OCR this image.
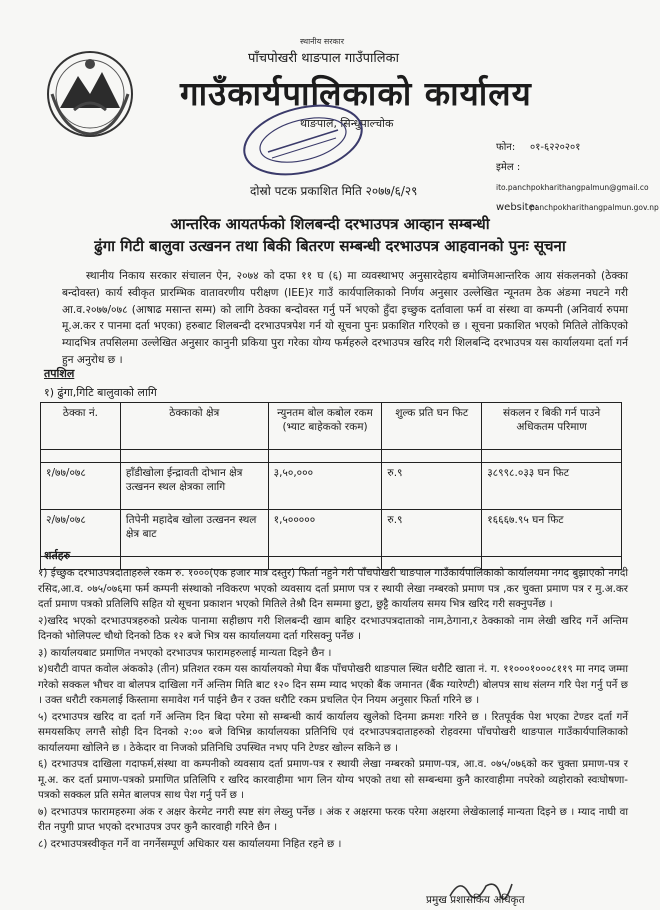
स्थानीय सरकार
पाँचपोखरी थाङपाल गाउँपालिका
गाउँकार्यपालिकाको कार्यालय
थाङपाल, सिन्धुपाल्चोक
फोन: ०१-६२२०२०१
इमेल :ito.panchpokharithangpalmun@gmail.co
website:panchpokharithangpalmun.gov.np
दोस्रो पटक प्रकाशित मिति २०७७/६/२९
आन्तरिक आयतर्फको शिलबन्दी दरभाउपत्र आव्हान सम्बन्धी
ढुंगा गिटी बालुवा उत्खनन तथा बिकी बितरण सम्बन्धी दरभाउपत्र आहवानको पुनः सूचना

स्थानीय निकाय सरकार संचालन ऐन, २०७४ को दफा ११ घ (६) मा व्यवस्थाभए अनुसारदेहाय बमोजिमआन्तरिक आय संकलनको (ठेक्का बन्दोवस्त) कार्य स्वीकृत प्रारम्भिक वातावरणीय परीक्षण (IEE)र गाउँ कार्यपालिकाको निर्णय अनुसार उल्लेखित न्यूनतम ठेक अंङमा नघटने गरी आ.व.२०७७/०७८ (आषाढ मसान्त सम्म) को लागि ठेक्का बन्दोवस्त गर्नु पर्ने भएको हुँदा इच्छुक दर्तावाला फर्म वा संस्था वा कम्पनी (अनिवार्य रुपमा मू.अ.कर र पानमा दर्ता भएका) हरुबाट शिलबन्दी दरभाउपत्रपेश गर्न यो सूचना पुनः प्रकाशित गरिएको छ । सूचना प्रकाशित भएको मितिले तोकिएको म्यादभित्र तपसिलमा उल्लेखित अनुसार कानुनी प्रकिया पुरा गरेका योग्य फर्महरुले दरभाउपत्र खरिद गरी शिलबन्दि दरभाउपत्र यस कार्यालयमा दर्ता गर्न हुन अनुरोध छ ।

तपशिल
१) ढुंगा,गिटि बालुवाको लागि
ठेक्का नं.	ठेक्काको क्षेत्र	न्युनतम बोल कबोल रकम (भ्याट बाहेकको रकम)	शुल्क प्रति घन फिट	संकलन र बिकी गर्न पाउने अधिकतम परिमाण

१/७७/०७८	हाँडीखोला ईन्द्रावती दोभान क्षेत्र उत्खनन स्थल क्षेत्रका लागि	३,५०,०००	रु.९	३८९९८.०३३ घन फिट
२/७७/०७८	तिपेनी महादेब खोला उत्खनन स्थल क्षेत्र बाट	१,५०००००	रु.९	१६६६७.९५ घन फिट

शर्तहरु

१) ईच्छुक दरभाउपत्रदाताहरुले रकम रु. १०००(एक हजार मात्र दस्तुर) फिर्ता नहुने गरी पाँचपोखरी थाङपाल गाउँकार्यपालिकाको कार्यालयमा नगद बुझाएको नगदी रसिद,आ.व. ०७५/०७६मा फर्म कम्पनी संस्थाको नविकरण भएको व्यवसाय दर्ता प्रमाण पत्र र स्थायी लेखा नम्बरको प्रमाण पत्र ,कर चुक्ता प्रमाण पत्र र मु.अ.कर दर्ता प्रमाण पत्रको प्रतिलिपि सहित यो सूचना प्रकाशन भएको मितिले तेश्रौ दिन सम्ममा छुटा, छुट्टै कार्यालय समय भित्र खरिद गरी सक्नुपर्नेछ ।

२)खरिद भएको दरभाउपत्रहरुको प्रत्येक पानामा सहीछाप गरी शिलबन्दी खाम बाहिर दरभाउपत्रदाताको नाम,ठेगाना,र ठेक्काको नाम लेखी खरिद गर्ने अन्तिम दिनको भोलिपल्ट चौथो दिनको ठिक १२ बजे भित्र यस कार्यालयमा दर्ता गरिसक्नु पर्नेछ ।

३) कार्यालयबाट प्रमाणित नभएको दरभाउपत्र फारामहरुलाई मान्यता दिइने छैन ।

४)धरौटी वापत कवोल अंकको३ (तीन) प्रतिशत रकम यस कार्यालयको मेघा बैंक पाँचपोखरी थाङपाल स्थित धरौटि खाता नं. ग. ११०००१०००८११९ मा नगद जम्मा गरेको सक्कल भौचर वा बोलपत्र दाखिला गर्ने अन्तिम मिति बाट १२० दिन सम्म म्याद भएको बैंक जमानत (बैंक ग्यारेण्टी) बोलपत्र साथ संलग्न गरि पेश गर्नु पर्ने छ । उक्त धरौटी रकमलाई किस्तामा समावेश गर्न पाईने छैन र उक्त धरौटि रकम प्रचलित ऐन नियम अनुसार फिर्ता गरिने छ ।

५) दरभाउपत्र खरिद वा दर्ता गर्ने अन्तिम दिन बिदा परेमा सो सम्बन्धी कार्य कार्यालय खुलेको दिनमा क्रमशः गरिने छ । रितपूर्वक पेश भएका टेण्डर दर्ता गर्ने समयसकिए लगत्तै सोही दिन दिनको २:०० बजे विभिन्न कार्यालयका प्रतिनिधि एवं दरभाउपत्रदाताहरुको रोहवरमा पाँचपोखरी थाङपाल गाउँकार्यपालिकाको कार्यालयमा खोलिने छ । ठेकेदार वा निजको प्रतिनिधि उपस्थित नभए पनि टेण्डर खोल्न सकिने छ ।

६) दरभाउपत्र दाखिला गदाफर्म,संस्था वा कम्पनीको व्यवसाय दर्ता प्रमाण-पत्र र स्थायी लेखा नम्बरको प्रमाण-पत्र, आ.व. ०७५/०७६को कर चुक्ता प्रमाण-पत्र र मू.अ. कर दर्ता प्रमाण-पत्रको प्रमाणित प्रतिलिपि र खरिद कारवाहीमा भाग लिन योग्य भएको तथा सो सम्बन्धमा कुनै कारवाहीमा नपरेको व्यहोराको स्वःघोषणा-पत्रको सक्कल प्रति समेत बालपत्र साथ पेश गर्नु पर्ने छ ।

७) दरभाउपत्र फारामहरुमा अंक र अक्षर केरमेट नगरी स्पष्ट संग लेख्नु पर्नेछ । अंक र अक्षरमा फरक परेमा अक्षरमा लेखेकालाई मान्यता दिइने छ । म्याद नाघी वा रीत नपुगी प्राप्त भएको दरभाउपत्र उपर कुनै कारवाही गरिने छैन ।

८) दरभाउपत्रस्वीकृत गर्ने वा नगर्नेसम्पूर्ण अधिकार यस कार्यालयमा निहित रहने छ ।

प्रमुख प्रशासकिय अधिकृत
